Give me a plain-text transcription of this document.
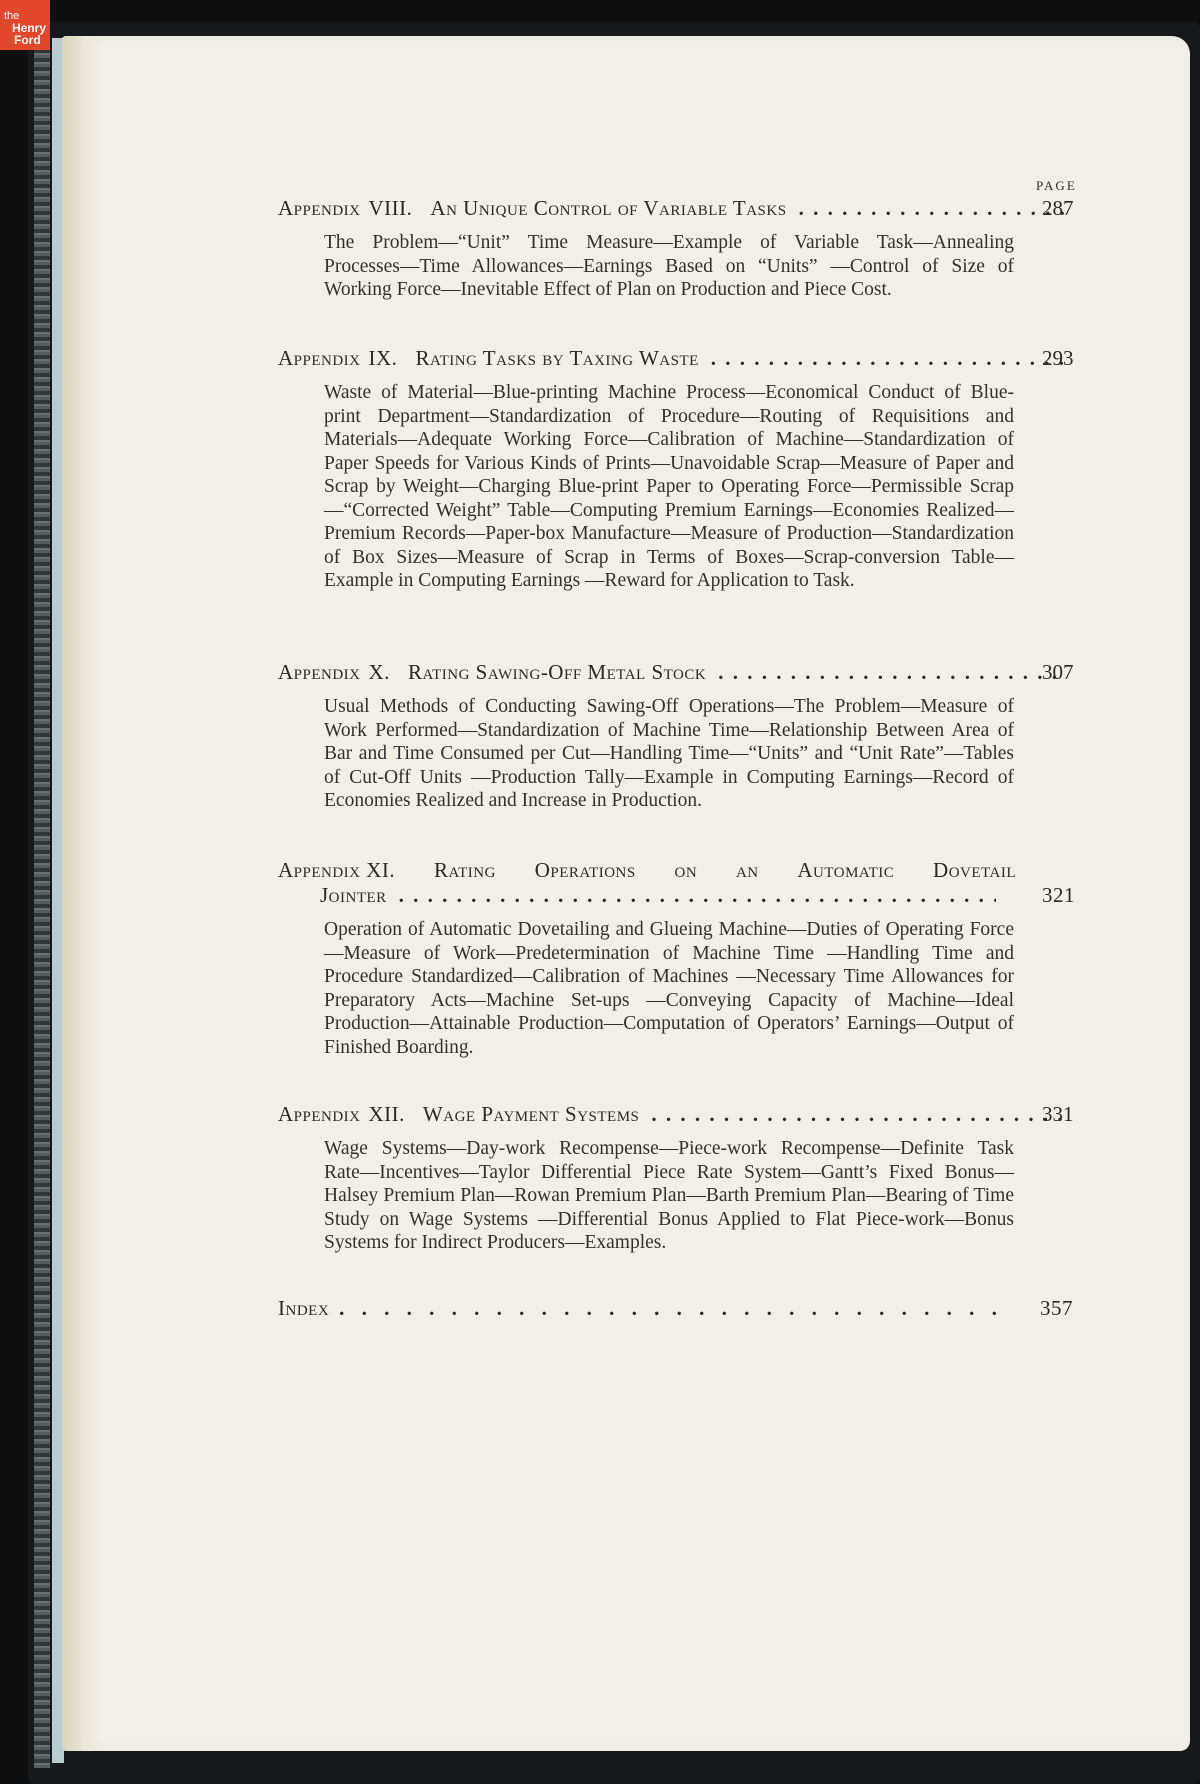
the
Henry
Ford
PAGE
Appendix VIII. An Unique Control of Variable Tasks . . .	287
The Problem—“Unit” Time Measure—Example of Variable Task—Annealing Processes—Time Allowances—Earnings Based on “Units” —Control of Size of Working Force—Inevitable Effect of Plan on Production and Piece Cost.
Appendix IX. Rating Tasks by Taxing Waste . . .	293
Waste of Material—Blue-printing Machine Process—Economical Conduct of Blue-print Department—Standardization of Procedure—Routing of Requisitions and Materials—Adequate Working Force—Calibration of Machine—Standardization of Paper Speeds for Various Kinds of Prints—Unavoidable Scrap—Measure of Paper and Scrap by Weight—Charging Blue-print Paper to Operating Force—Permissible Scrap—“Corrected Weight” Table—Computing Premium Earnings—Economies Realized—Premium Records—Paper-box Manufacture—Measure of Production—Standardization of Box Sizes—Measure of Scrap in Terms of Boxes—Scrap-conversion Table—Example in Computing Earnings —Reward for Application to Task.
Appendix X. Rating Sawing-Off Metal Stock . . .	307
Usual Methods of Conducting Sawing-Off Operations—The Problem—Measure of Work Performed—Standardization of Machine Time—Relationship Between Area of Bar and Time Consumed per Cut—Handling Time—“Units” and “Unit Rate”—Tables of Cut-Off Units —Production Tally—Example in Computing Earnings—Record of Economies Realized and Increase in Production.
Appendix XI. Rating Operations on an Automatic Dovetail
Jointer . . .	321
Operation of Automatic Dovetailing and Glueing Machine—Duties of Operating Force—Measure of Work—Predetermination of Machine Time —Handling Time and Procedure Standardized—Calibration of Machines —Necessary Time Allowances for Preparatory Acts—Machine Set-ups —Conveying Capacity of Machine—Ideal Production—Attainable Production—Computation of Operators’ Earnings—Output of Finished Boarding.
Appendix XII. Wage Payment Systems . . .	331
Wage Systems—Day-work Recompense—Piece-work Recompense—Definite Task Rate—Incentives—Taylor Differential Piece Rate System—Gantt’s Fixed Bonus—Halsey Premium Plan—Rowan Premium Plan—Barth Premium Plan—Bearing of Time Study on Wage Systems —Differential Bonus Applied to Flat Piece-work—Bonus Systems for Indirect Producers—Examples.
Index . . .	357
